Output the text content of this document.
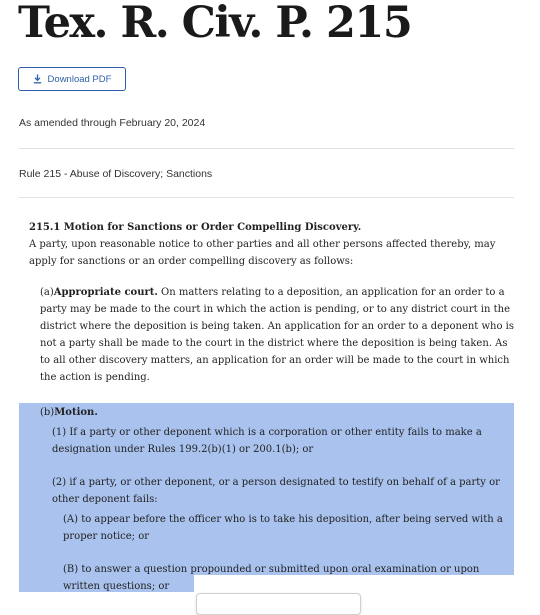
Tex. R. Civ. P. 215
Download PDF
As amended through February 20, 2024
Rule 215 - Abuse of Discovery; Sanctions
215.1 Motion for Sanctions or Order Compelling Discovery.
A party, upon reasonable notice to other parties and all other persons affected thereby, may apply for sanctions or an order compelling discovery as follows:
(a)Appropriate court. On matters relating to a deposition, an application for an order to a party may be made to the court in which the action is pending, or to any district court in the district where the deposition is being taken. An application for an order to a deponent who is not a party shall be made to the court in the district where the deposition is being taken. As to all other discovery matters, an application for an order will be made to the court in which the action is pending.
(b)Motion.
(1) If a party or other deponent which is a corporation or other entity fails to make a designation under Rules 199.2(b)(1) or 200.1(b); or
(2) if a party, or other deponent, or a person designated to testify on behalf of a party or other deponent fails:
(A) to appear before the officer who is to take his deposition, after being served with a proper notice; or
(B) to answer a question propounded or submitted upon oral examination or upon written questions; or
